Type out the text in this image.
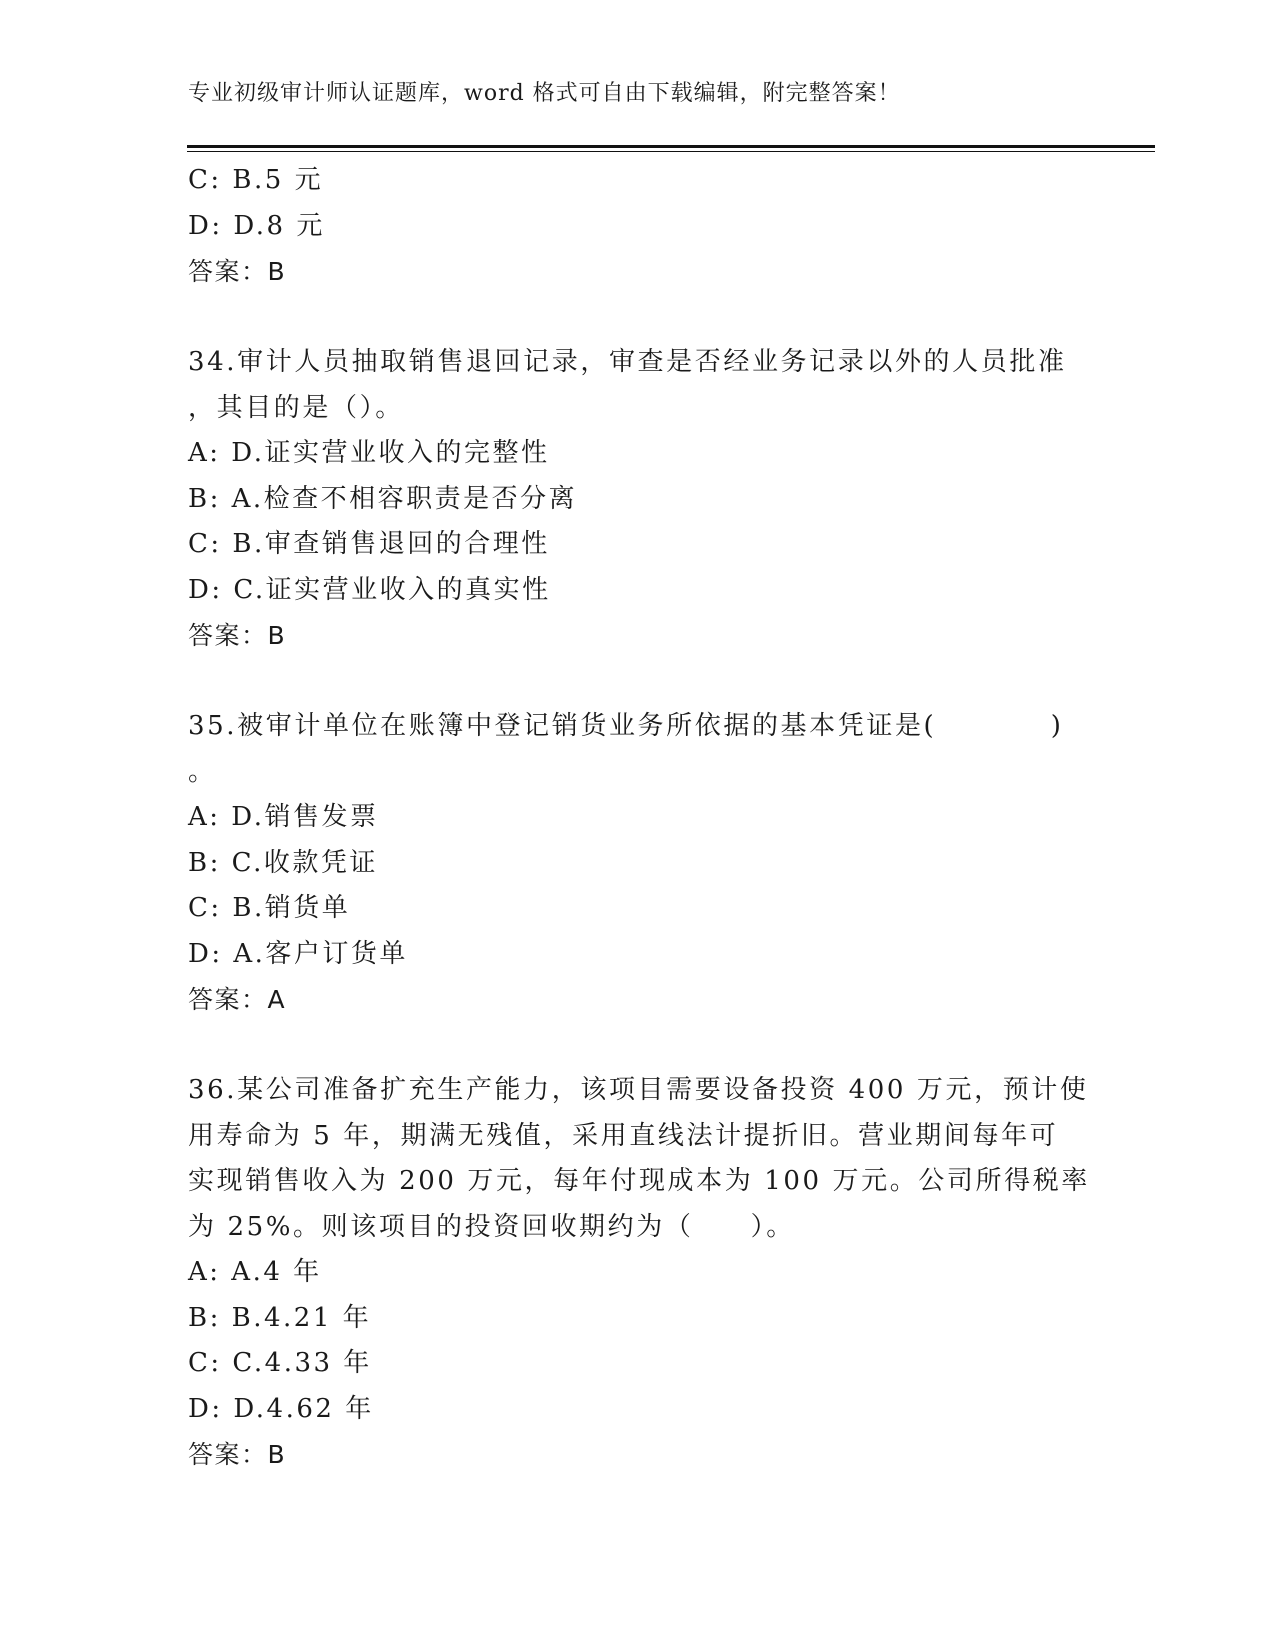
专业初级审计师认证题库，word 格式可自由下载编辑，附完整答案！
C: B.5 元
D: D.8 元
答案：B
34.审计人员抽取销售退回记录，审查是否经业务记录以外的人员批准
，其目的是（）。
A: D.证实营业收入的完整性
B: A.检查不相容职责是否分离
C: B.审查销售退回的合理性
D: C.证实营业收入的真实性
答案：B
35.被审计单位在账簿中登记销货业务所依据的基本凭证是(　　　　)
。
A: D.销售发票
B: C.收款凭证
C: B.销货单
D: A.客户订货单
答案：A
36.某公司准备扩充生产能力，该项目需要设备投资 400 万元，预计使
用寿命为 5 年，期满无残值，采用直线法计提折旧。营业期间每年可
实现销售收入为 200 万元，每年付现成本为 100 万元。公司所得税率
为 25%。则该项目的投资回收期约为（　　）。
A: A.4 年
B: B.4.21 年
C: C.4.33 年
D: D.4.62 年
答案：B
